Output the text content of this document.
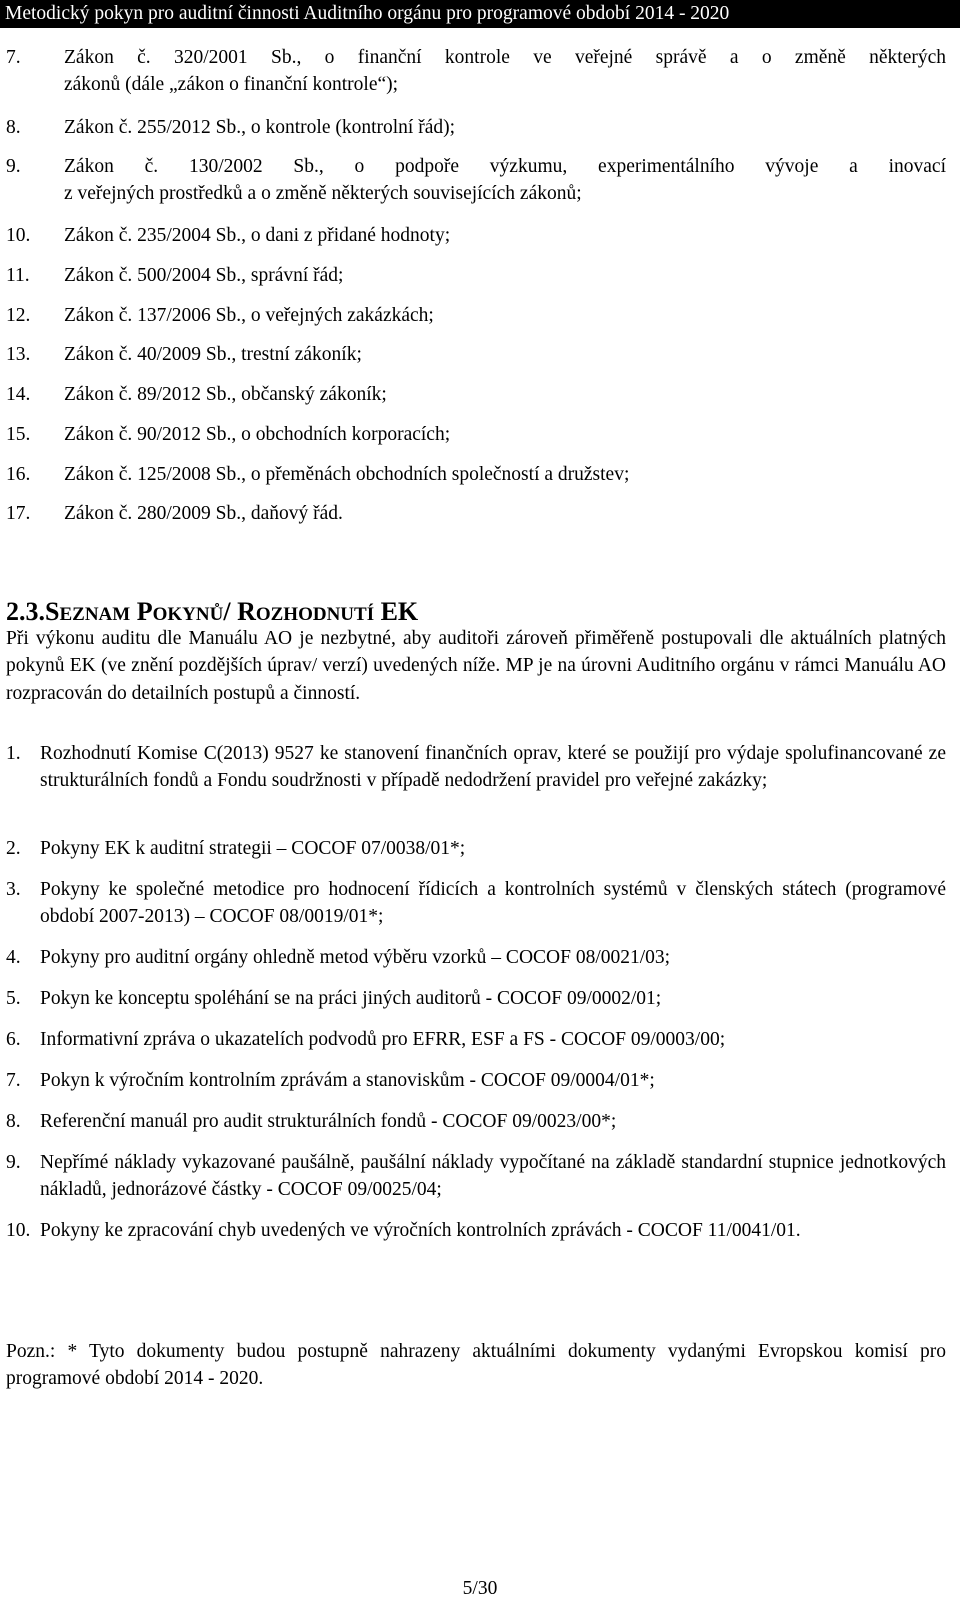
Metodický pokyn pro auditní činnosti Auditního orgánu pro programové období 2014 - 2020
7. Zákon č. 320/2001 Sb., o finanční kontrole ve veřejné správě a o změně některých
zákonů (dále „zákon o finanční kontrole“);
8. Zákon č. 255/2012 Sb., o kontrole (kontrolní řád);
9. Zákon č. 130/2002 Sb., o podpoře výzkumu, experimentálního vývoje a inovací
z veřejných prostředků a o změně některých souvisejících zákonů;
10. Zákon č. 235/2004 Sb., o dani z přidané hodnoty;
11. Zákon č. 500/2004 Sb., správní řád;
12. Zákon č. 137/2006 Sb., o veřejných zakázkách;
13. Zákon č. 40/2009 Sb., trestní zákoník;
14. Zákon č. 89/2012 Sb., občanský zákoník;
15. Zákon č. 90/2012 Sb., o obchodních korporacích;
16. Zákon č. 125/2008 Sb., o přeměnách obchodních společností a družstev;
17. Zákon č. 280/2009 Sb., daňový řád.
2.3.SEZNAM POKYNŮ/ ROZHODNUTÍ EK
Při výkonu auditu dle Manuálu AO je nezbytné, aby auditoři zároveň přiměřeně postupovali dle aktuálních platných pokynů EK (ve znění pozdějších úprav/ verzí) uvedených níže. MP je na úrovni Auditního orgánu v rámci Manuálu AO rozpracován do detailních postupů a činností.
1. Rozhodnutí Komise C(2013) 9527 ke stanovení finančních oprav, které se použijí pro výdaje spolufinancované ze strukturálních fondů a Fondu soudržnosti v případě nedodržení pravidel pro veřejné zakázky;
2. Pokyny EK k auditní strategii – COCOF 07/0038/01*;
3. Pokyny ke společné metodice pro hodnocení řídicích a kontrolních systémů v členských státech (programové období 2007-2013) – COCOF 08/0019/01*;
4. Pokyny pro auditní orgány ohledně metod výběru vzorků – COCOF 08/0021/03;
5. Pokyn ke konceptu spoléhání se na práci jiných auditorů - COCOF 09/0002/01;
6. Informativní zpráva o ukazatelích podvodů pro EFRR, ESF a FS - COCOF 09/0003/00;
7. Pokyn k výročním kontrolním zprávám a stanoviskům - COCOF 09/0004/01*;
8. Referenční manuál pro audit strukturálních fondů - COCOF 09/0023/00*;
9. Nepřímé náklady vykazované paušálně, paušální náklady vypočítané na základě standardní stupnice jednotkových nákladů, jednorázové částky - COCOF 09/0025/04;
10. Pokyny ke zpracování chyb uvedených ve výročních kontrolních zprávách - COCOF 11/0041/01.
Pozn.: * Tyto dokumenty budou postupně nahrazeny aktuálními dokumenty vydanými Evropskou komisí pro programové období 2014 - 2020.
5/30
